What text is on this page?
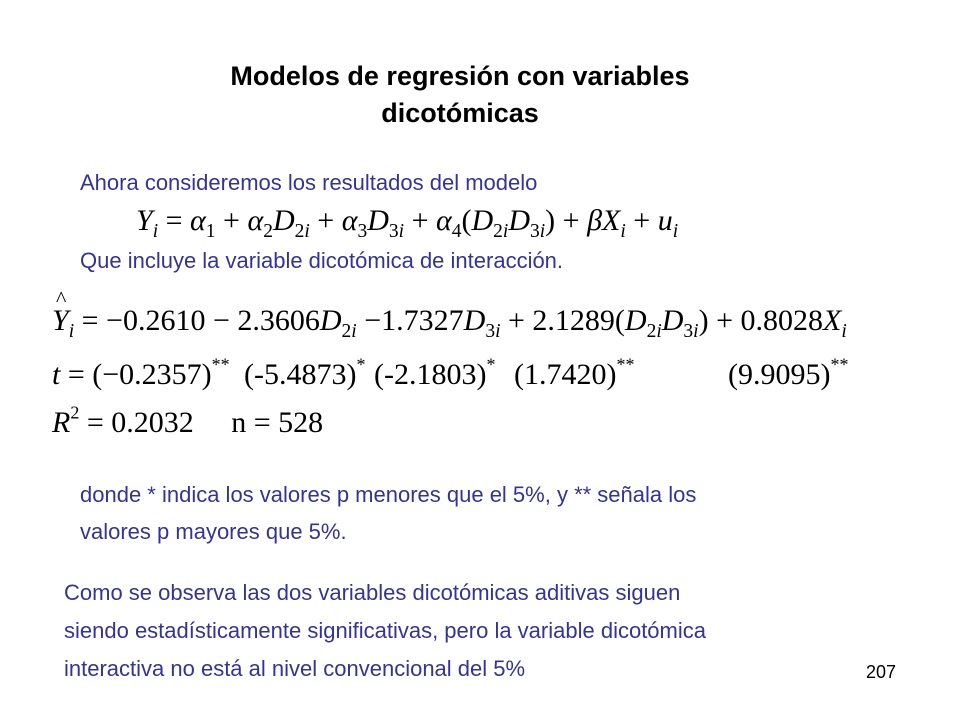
Modelos de regresión con variables
dicotómicas
Ahora consideremos los resultados del modelo
$Y_i = \alpha_1 + \alpha_2D_{2i} + \alpha_3D_{3i} + \alpha_4(D_{2i}D_{3i}) + \beta X_i + u_i$
Que incluye la variable dicotómica de interacción.
^
$Y_i = -0.2610 - 2.3606D_{2i} -1.7327D_{3i} + 2.1289(D_{2i}D_{3i}) + 0.8028X_i$
t = (−0.2357)** (-5.4873)* (-2.1803)* (1.7420)**	(9.9095)**
$R^2 = 0.2032$     n = 528
donde * indica los valores p menores que el 5%, y ** señala los
valores p mayores que 5%.
Como se observa las dos variables dicotómicas aditivas siguen
siendo estadísticamente significativas, pero la variable dicotómica
interactiva no está al nivel convencional del 5%	207
